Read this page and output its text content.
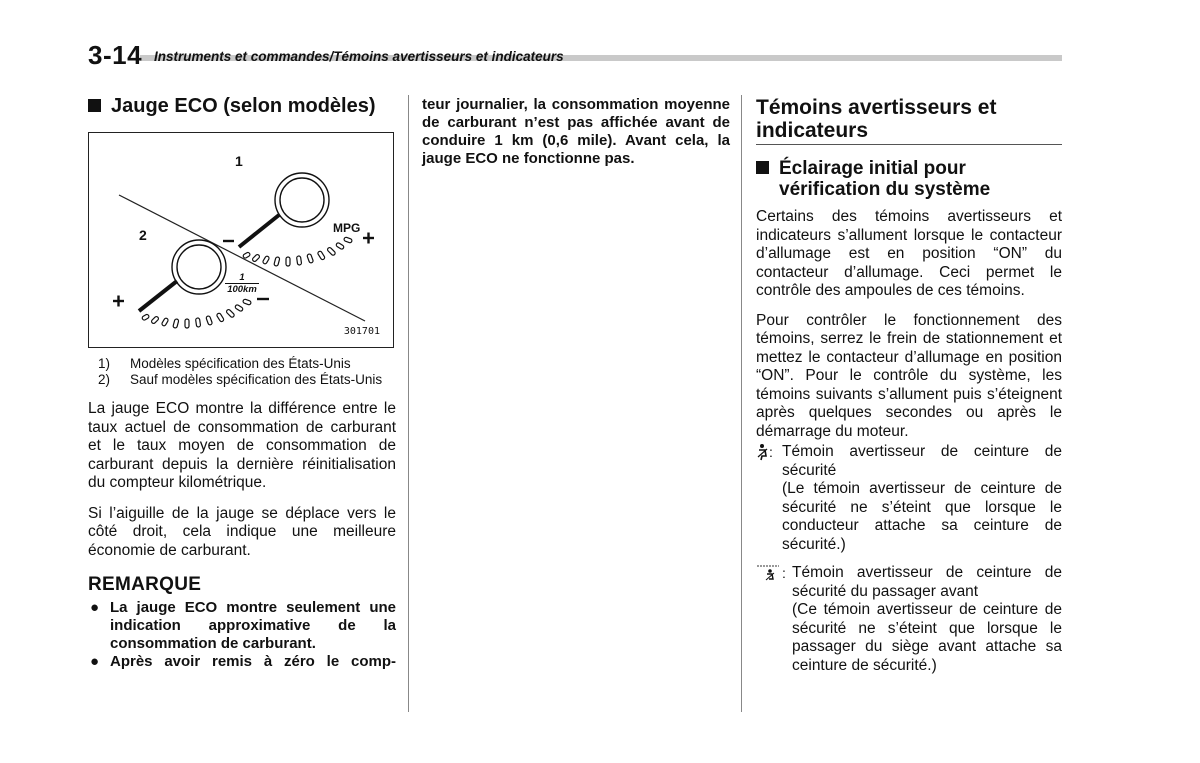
3-14 Instruments et commandes/Témoins avertisseurs et indicateurs
Jauge ECO (selon modèles)
1
2	MPG
$\frac{1}{100km}$
301701
1)	Modèles spécification des États-Unis
2)	Sauf modèles spécification des États-Unis

La jauge ECO montre la différence entre le taux actuel de consommation de carburant et le taux moyen de consommation de carburant depuis la dernière réinitialisation du compteur kilométrique.

Si l’aiguille de la jauge se déplace vers le côté droit, cela indique une meilleure économie de carburant.

REMARQUE
● La jauge ECO montre seulement une indication approximative de la consommation de carburant.
● Après avoir remis à zéro le comp-
teur journalier, la consommation moyenne de carburant n’est pas affichée avant de conduire 1 km (0,6 mile). Avant cela, la jauge ECO ne fonctionne pas.
Témoins avertisseurs et indicateurs
Éclairage initial pour vérification du système

Certains des témoins avertisseurs et indicateurs s’allument lorsque le contacteur d’allumage est en position “ON” du contacteur d’allumage. Ceci permet le contrôle des ampoules de ces témoins.

Pour contrôler le fonctionnement des témoins, serrez le frein de stationnement et mettez le contacteur d’allumage en position “ON”. Pour le contrôle du système, les témoins suivants s’allument puis s’éteignent après quelques secondes ou après le démarrage du moteur.

: Témoin avertisseur de ceinture de sécurité
(Le témoin avertisseur de ceinture de sécurité ne s’éteint que lorsque le conducteur attache sa ceinture de sécurité.)
: Témoin avertisseur de ceinture de sécurité du passager avant
(Ce témoin avertisseur de ceinture de sécurité ne s’éteint que lorsque le passager du siège avant attache sa ceinture de sécurité.)
